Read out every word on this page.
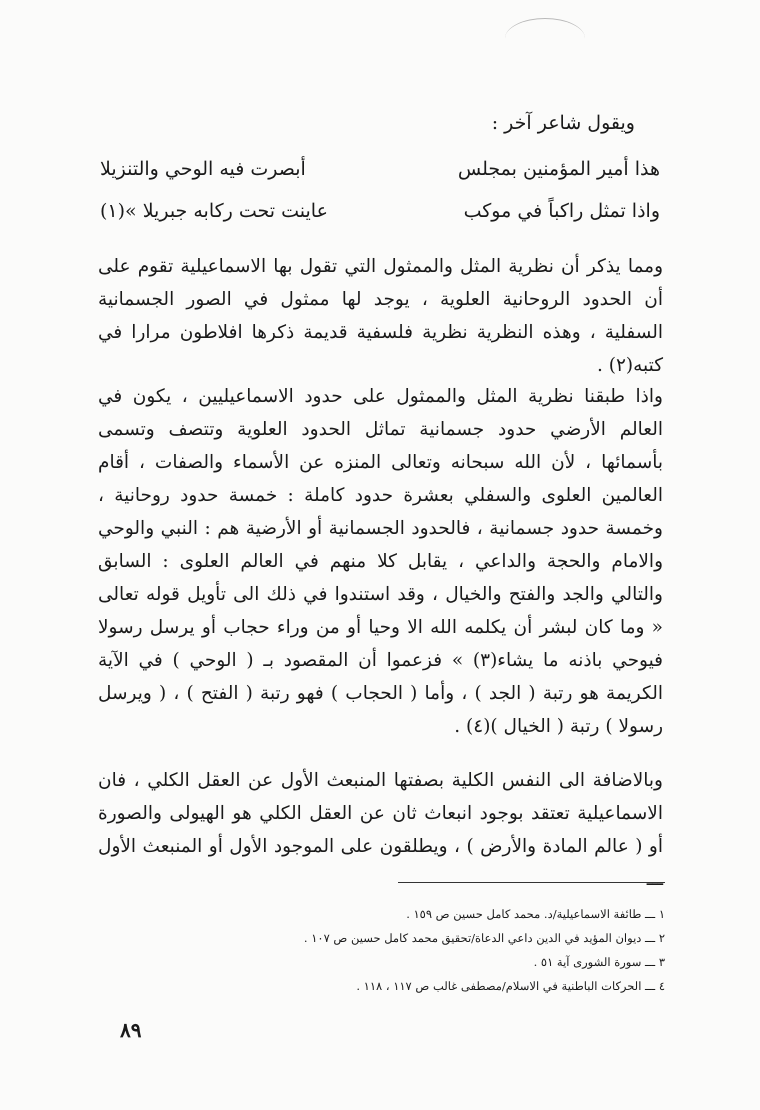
ويقول شاعر آخر :
هذا أمير المؤمنين بمجلس
أبصرت فيه الوحي والتنزيلا
واذا تمثل راكباً في موكب
عاينت تحت ركابه جبريلا »(١)

ومما يذكر أن نظرية المثل والممثول التي تقول بها الاسماعيلية تقوم على أن الحدود الروحانية العلوية ، يوجد لها ممثول في الصور الجسمانية السفلية ، وهذه النظرية نظرية فلسفية قديمة ذكرها افلاطون مرارا في كتبه(٢) .

واذا طبقنا نظرية المثل والممثول على حدود الاسماعيليين ، يكون في العالم الأرضي حدود جسمانية تماثل الحدود العلوية وتتصف وتسمى بأسمائها ، لأن الله سبحانه وتعالى المنزه عن الأسماء والصفات ، أقام العالمين العلوى والسفلي بعشرة حدود كاملة : خمسة حدود روحانية ، وخمسة حدود جسمانية ، فالحدود الجسمانية أو الأرضية هم : النبي والوحي والامام والحجة والداعي ، يقابل كلا منهم في العالم العلوى : السابق والتالي والجد والفتح والخيال ، وقد استندوا في ذلك الى تأويل قوله تعالى « وما كان لبشر أن يكلمه الله الا وحيا أو من وراء حجاب أو يرسل رسولا فيوحي باذنه ما يشاء(٣) » فزعموا أن المقصود بـ ( الوحي ) في الآية الكريمة هو رتبة ( الجد ) ، وأما ( الحجاب ) فهو رتبة ( الفتح ) ، ( ويرسل رسولا ) رتبة ( الخيال )(٤) .

وبالاضافة الى النفس الكلية بصفتها المنبعث الأول عن العقل الكلي ، فان الاسماعيلية تعتقد بوجود انبعاث ثان عن العقل الكلي هو الهيولى والصورة أو ( عالم المادة والأرض ) ، ويطلقون على الموجود الأول أو المنبعث الأول ـــ

١ ـــ طائفة الاسماعيلية/د. محمد كامل حسين ص ١٥٩ .
٢ ـــ ديوان المؤيد في الدين داعي الدعاة/تحقيق محمد كامل حسين ص ١٠٧ .
٣ ـــ سورة الشورى آية ٥١ .
٤ ـــ الحركات الباطنية في الاسلام/مصطفى غالب ص ١١٧ ، ١١٨ .
٨٩
